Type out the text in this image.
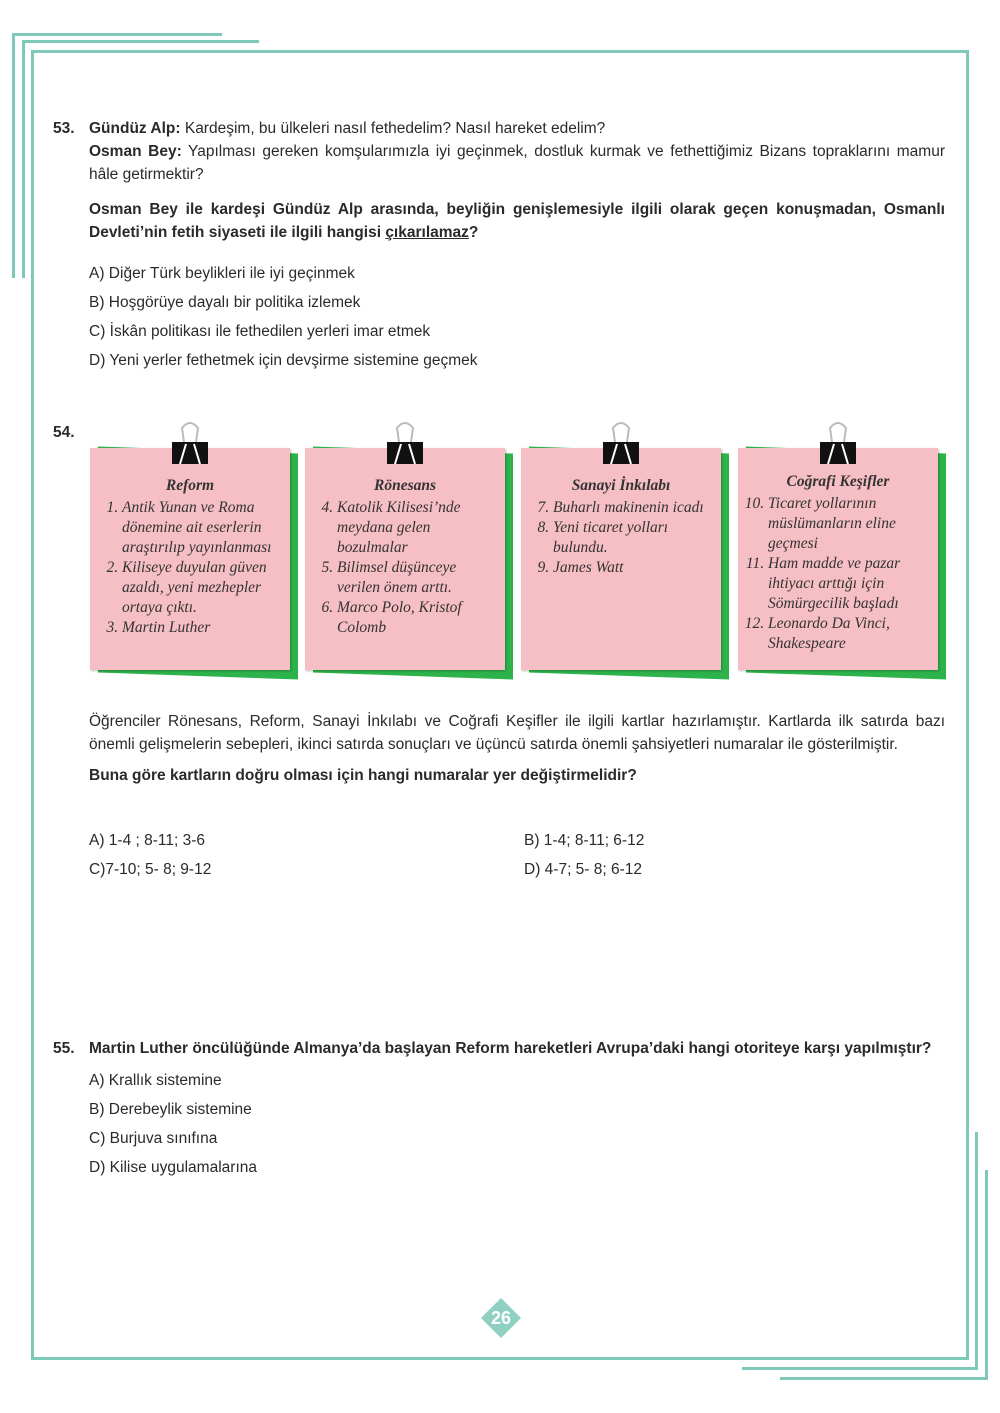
53. Gündüz Alp: Kardeşim, bu ülkeleri nasıl fethedelim? Nasıl hareket edelim?
Osman Bey: Yapılması gereken komşularımızla iyi geçinmek, dostluk kurmak ve fethettiğimiz Bizans topraklarını mamur hâle getirmektir?
Osman Bey ile kardeşi Gündüz Alp arasında, beyliğin genişlemesiyle ilgili olarak geçen konuşmadan, Osmanlı Devleti’nin fetih siyaseti ile ilgili hangisi çıkarılamaz?
A) Diğer Türk beylikleri ile iyi geçinmek
B) Hoşgörüye dayalı bir politika izlemek
C) İskân politikası ile fethedilen yerleri imar etmek
D) Yeni yerler fethetmek için devşirme sistemine geçmek
54.
Reform
1. Antik Yunan ve Roma dönemine ait eserlerin araştırılıp yayınlanması
2. Kiliseye duyulan güven azaldı, yeni mezhepler ortaya çıktı.
3. Martin Luther
Rönesans
4. Katolik Kilisesi’nde meydana gelen bozulmalar
5. Bilimsel düşünceye verilen önem arttı.
6. Marco Polo, Kristof Colomb
Sanayi İnkılabı
7. Buharlı makinenin icadı
8. Yeni ticaret yolları bulundu.
9. James Watt
Coğrafi Keşifler
10. Ticaret yollarının müslümanların eline geçmesi
11. Ham madde ve pazar ihtiyacı arttığı için Sömürgecilik başladı
12. Leonardo Da Vinci, Shakespeare
Öğrenciler Rönesans, Reform, Sanayi İnkılabı ve Coğrafi Keşifler ile ilgili kartlar hazırlamıştır. Kartlarda ilk satırda bazı önemli gelişmelerin sebepleri, ikinci satırda sonuçları ve üçüncü satırda önemli şahsiyetleri numaralar ile gösterilmiştir.
Buna göre kartların doğru olması için hangi numaralar yer değiştirmelidir?
A) 1-4 ; 8-11; 3-6	B) 1-4; 8-11; 6-12
C)7-10; 5- 8; 9-12	D) 4-7; 5- 8; 6-12
55. Martin Luther öncülüğünde Almanya’da başlayan Reform hareketleri Avrupa’daki hangi otoriteye karşı yapılmıştır?
A) Krallık sistemine
B) Derebeylik sistemine
C) Burjuva sınıfına
D) Kilise uygulamalarına
26
